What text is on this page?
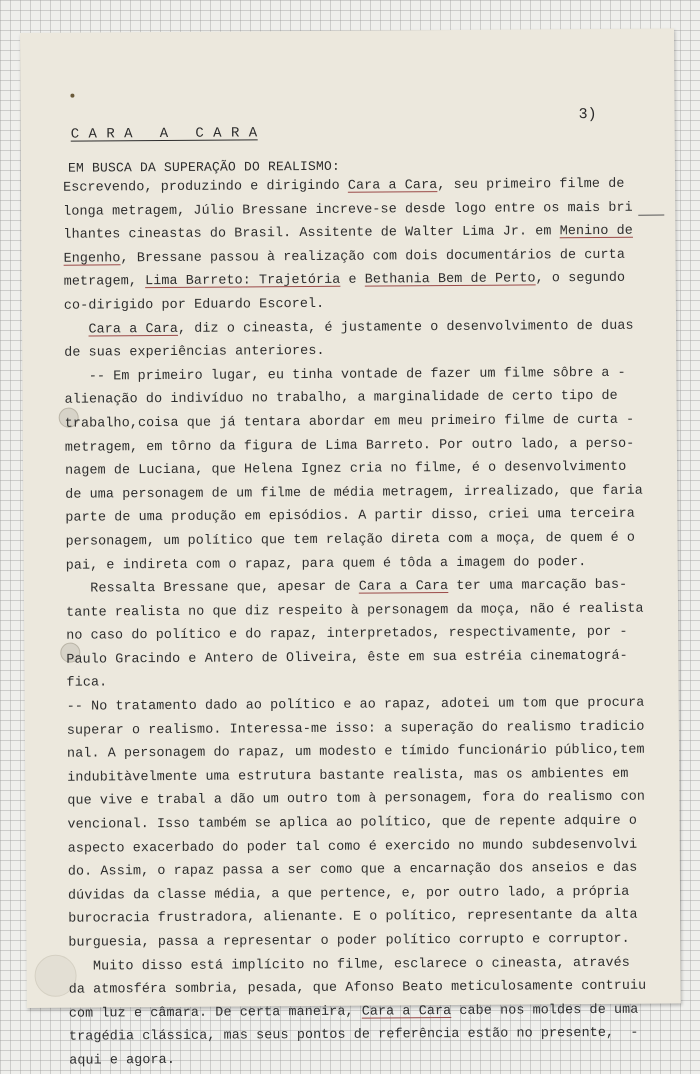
3)
C A R A   A   C A R A
EM BUSCA DA SUPERAÇÃO DO REALISMO:
Escrevendo, produzindo e dirigindo Cara a Cara, seu primeiro filme de
longa metragem, Júlio Bressane increve-se desde logo entre os mais bri
lhantes cineastas do Brasil. Assitente de Walter Lima Jr. em Menino de
Engenho, Bressane passou à realização com dois documentários de curta
metragem, Lima Barreto: Trajetória e Bethania Bem de Perto, o segundo
co-dirigido por Eduardo Escorel.
Cara a Cara, diz o cineasta, é justamente o desenvolvimento de duas
de suas experiências anteriores.
-- Em primeiro lugar, eu tinha vontade de fazer um filme sôbre a -
alienação do indivíduo no trabalho, a marginalidade de certo tipo de
trabalho,coisa que já tentara abordar em meu primeiro filme de curta -
metragem, em tôrno da figura de Lima Barreto. Por outro lado, a perso-
nagem de Luciana, que Helena Ignez cria no filme, é o desenvolvimento
de uma personagem de um filme de média metragem, irrealizado, que faria
parte de uma produção em episódios. A partir disso, criei uma terceira
personagem, um político que tem relação direta com a moça, de quem é o
pai, e indireta com o rapaz, para quem é tôda a imagem do poder.
Ressalta Bressane que, apesar de Cara a Cara ter uma marcação bas-
tante realista no que diz respeito à personagem da moça, não é realista
no caso do político e do rapaz, interpretados, respectivamente, por -
Paulo Gracindo e Antero de Oliveira, êste em sua estréia cinematográ-
fica.
-- No tratamento dado ao político e ao rapaz, adotei um tom que procura
superar o realismo. Interessa-me isso: a superação do realismo tradicio
nal. A personagem do rapaz, um modesto e tímido funcionário público,tem
indubitàvelmente uma estrutura bastante realista, mas os ambientes em
que vive e trabal a dão um outro tom à personagem, fora do realismo con
vencional. Isso também se aplica ao político, que de repente adquire o
aspecto exacerbado do poder tal como é exercido no mundo subdesenvolvi
do. Assim, o rapaz passa a ser como que a encarnação dos anseios e das
dúvidas da classe média, a que pertence, e, por outro lado, a própria
burocracia frustradora, alienante. E o político, representante da alta
burguesia, passa a representar o poder político corrupto e corruptor.
Muito disso está implícito no filme, esclarece o cineasta, através
da atmosféra sombria, pesada, que Afonso Beato meticulosamente contruiu
com luz e câmara. De certa maneira, Cara a Cara cabe nos moldes de uma
tragédia clássica, mas seus pontos de referência estão no presente,  -
aqui e agora.
